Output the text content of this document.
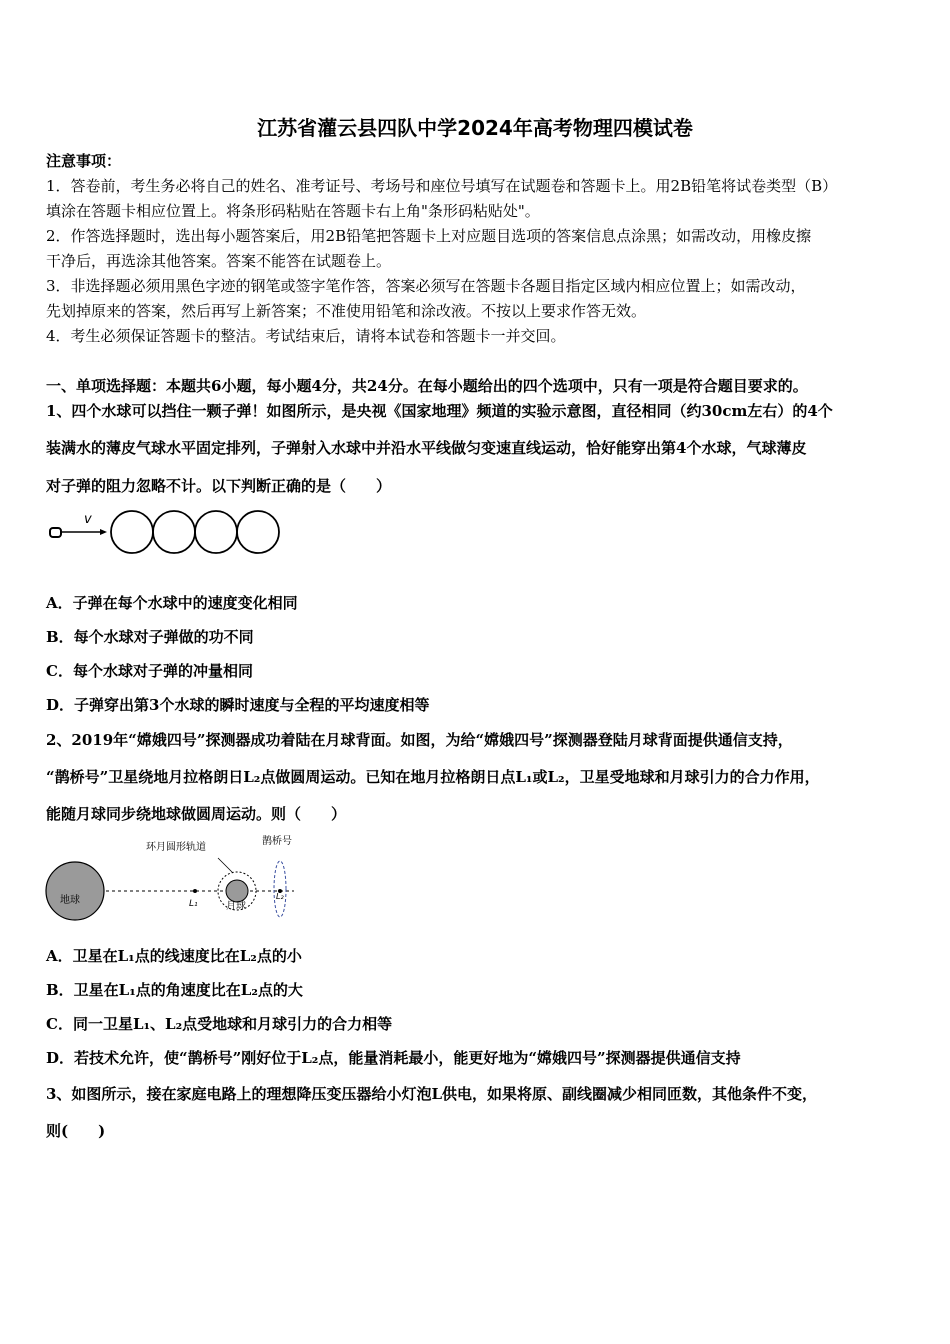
江苏省灌云县四队中学2024年高考物理四模试卷
注意事项：
1．答卷前，考生务必将自己的姓名、准考证号、考场号和座位号填写在试题卷和答题卡上。用2B铅笔将试卷类型（B）
填涂在答题卡相应位置上。将条形码粘贴在答题卡右上角"条形码粘贴处"。
2．作答选择题时，选出每小题答案后，用2B铅笔把答题卡上对应题目选项的答案信息点涂黑；如需改动，用橡皮擦
干净后，再选涂其他答案。答案不能答在试题卷上。
3．非选择题必须用黑色字迹的钢笔或签字笔作答，答案必须写在答题卡各题目指定区域内相应位置上；如需改动，
先划掉原来的答案，然后再写上新答案；不准使用铅笔和涂改液。不按以上要求作答无效。
4．考生必须保证答题卡的整洁。考试结束后，请将本试卷和答题卡一并交回。
一、单项选择题：本题共6小题，每小题4分，共24分。在每小题给出的四个选项中，只有一项是符合题目要求的。
1、四个水球可以挡住一颗子弹！如图所示，是央视《国家地理》频道的实验示意图，直径相同（约30cm左右）的4个
装满水的薄皮气球水平固定排列，子弹射入水球中并沿水平线做匀变速直线运动，恰好能穿出第4个水球，气球薄皮
对子弹的阻力忽略不计。以下判断正确的是（　　）
v
A．子弹在每个水球中的速度变化相同
B．每个水球对子弹做的功不同
C．每个水球对子弹的冲量相同
D．子弹穿出第3个水球的瞬时速度与全程的平均速度相等
2、2019年“嫦娥四号”探测器成功着陆在月球背面。如图，为给“嫦娥四号”探测器登陆月球背面提供通信支持，
“鹊桥号”卫星绕地月拉格朗日L₂点做圆周运动。已知在地月拉格朗日点L₁或L₂，卫星受地球和月球引力的合力作用，
能随月球同步绕地球做圆周运动。则（　　）
地球	L₁	月球
环月圆形轨道
L₂
鹊桥号
A．卫星在L₁点的线速度比在L₂点的小
B．卫星在L₁点的角速度比在L₂点的大
C．同一卫星L₁、L₂点受地球和月球引力的合力相等
D．若技术允许，使“鹊桥号”刚好位于L₂点，能量消耗最小，能更好地为“嫦娥四号”探测器提供通信支持
3、如图所示，接在家庭电路上的理想降压变压器给小灯泡L供电，如果将原、副线圈减少相同匝数，其他条件不变，
则(　　)
